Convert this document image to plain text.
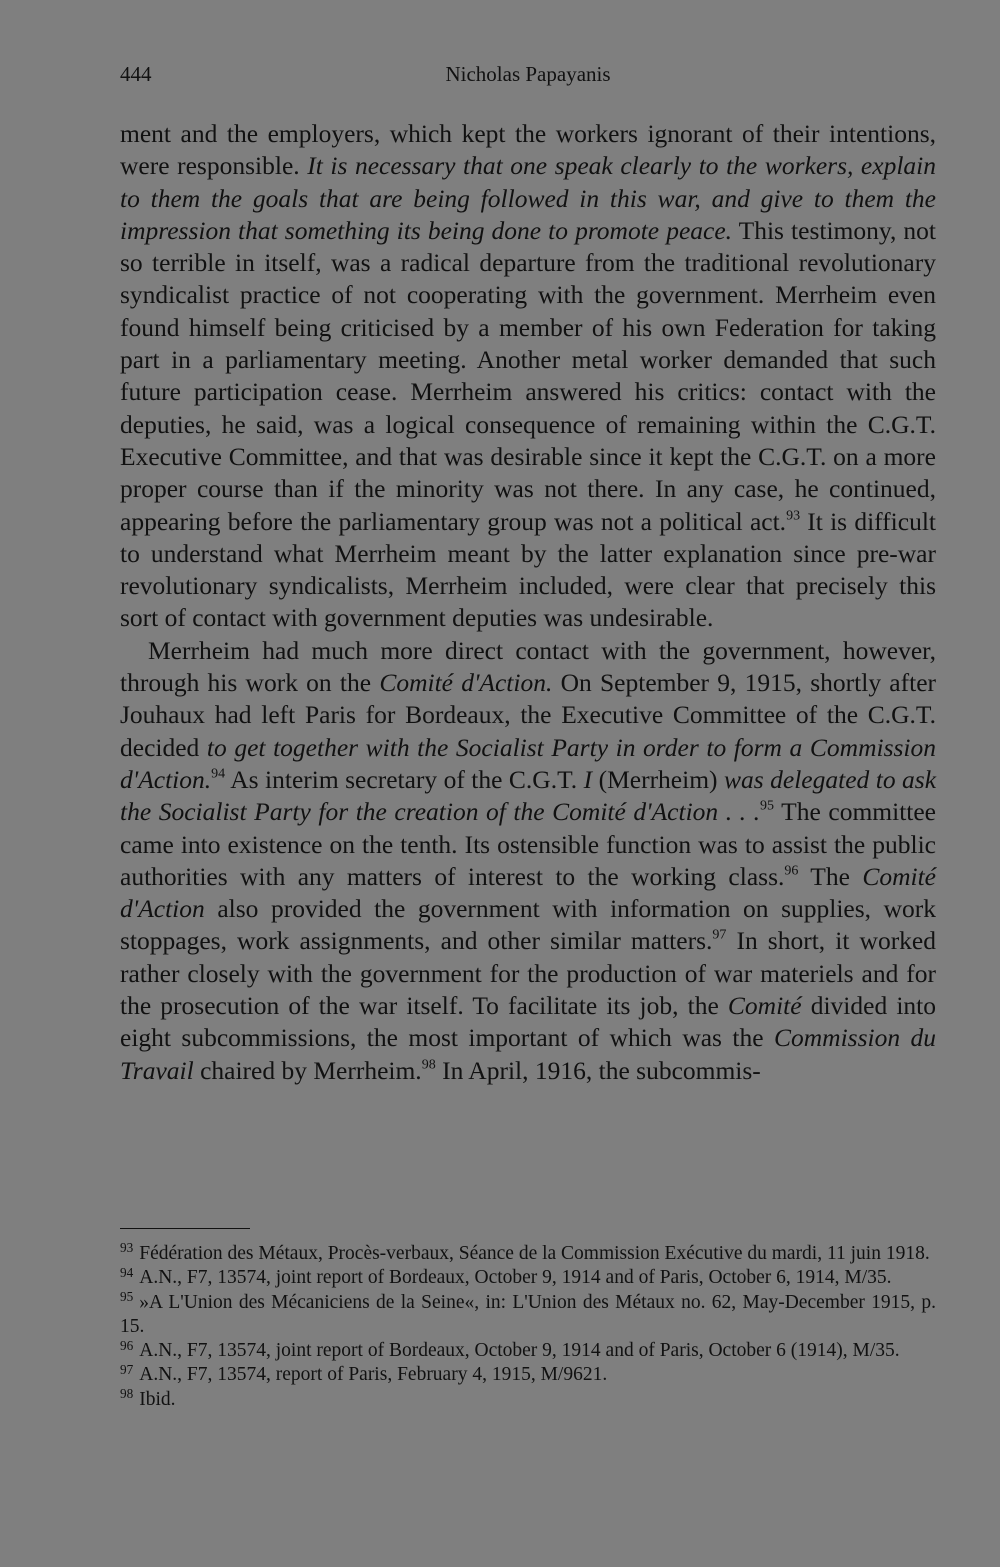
444	Nicholas Papayanis

ment and the employers, which kept the workers ignorant of their intentions, were responsible. It is necessary that one speak clearly to the workers, explain to them the goals that are being followed in this war, and give to them the impression that something its being done to promote peace. This testimony, not so terrible in itself, was a radical departure from the traditional revolutionary syndicalist practice of not cooperating with the government. Merrheim even found himself being criticised by a member of his own Federation for taking part in a parliamentary meeting. Another metal worker demanded that such future participation cease. Merrheim answered his critics: contact with the deputies, he said, was a logical consequence of remaining within the C.G.T. Executive Committee, and that was desirable since it kept the C.G.T. on a more proper course than if the minority was not there. In any case, he continued, appearing before the parliamentary group was not a political act.$^{93}$ It is difficult to understand what Merrheim meant by the latter explanation since pre-war revolutionary syndicalists, Merrheim included, were clear that precisely this sort of contact with government deputies was undesirable.

Merrheim had much more direct contact with the government, however, through his work on the Comité d'Action. On September 9, 1915, shortly after Jouhaux had left Paris for Bordeaux, the Executive Committee of the C.G.T. decided to get together with the Socialist Party in order to form a Commission d'Action.$^{94}$ As interim secretary of the C.G.T. I (Merrheim) was delegated to ask the Socialist Party for the creation of the Comité d'Action . . .$^{95}$ The committee came into existence on the tenth. Its ostensible function was to assist the public authorities with any matters of interest to the working class.$^{96}$ The Comité d'Action also provided the government with information on supplies, work stoppages, work assignments, and other similar matters.$^{97}$ In short, it worked rather closely with the government for the production of war materiels and for the prosecution of the war itself. To facilitate its job, the Comité divided into eight subcommissions, the most important of which was the Commission du Travail chaired by Merrheim.$^{98}$ In April, 1916, the subcommis-

$^{93}$ Fédération des Métaux, Procès-verbaux, Séance de la Commission Exécutive du mardi, 11 juin 1918.

$^{94}$ A.N., F7, 13574, joint report of Bordeaux, October 9, 1914 and of Paris, October 6, 1914, M/35.

$^{95}$ »A L'Union des Mécaniciens de la Seine«, in: L'Union des Métaux no. 62, May-December 1915, p. 15.

$^{96}$ A.N., F7, 13574, joint report of Bordeaux, October 9, 1914 and of Paris, October 6 (1914), M/35.

$^{97}$ A.N., F7, 13574, report of Paris, February 4, 1915, M/9621.

$^{98}$ Ibid.
